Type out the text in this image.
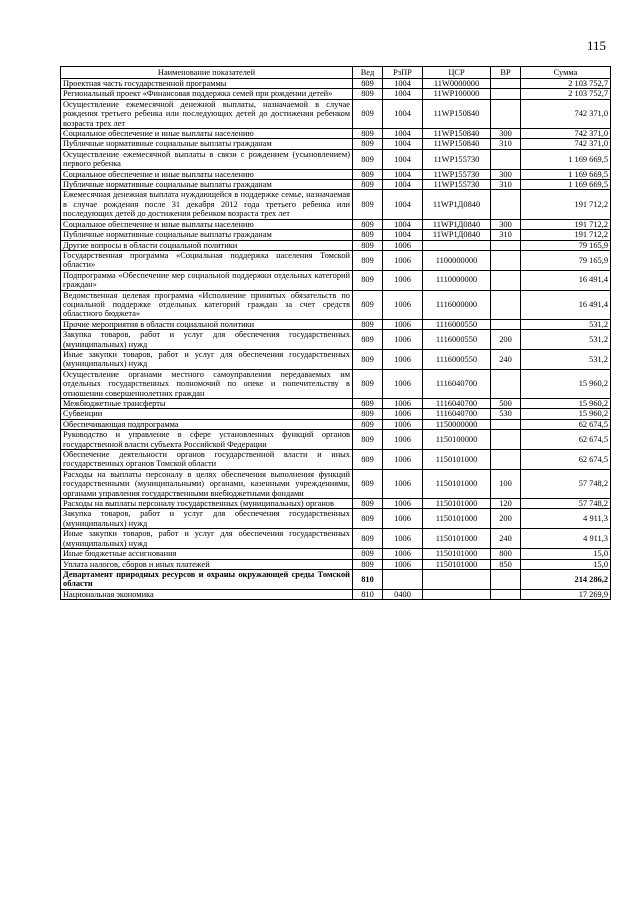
115
Наименование показателей	Вед	РзПР	ЦСР	ВР	Сумма
Проектная часть государственной программы	809	1004	11W0000000		2 103 752,7
Региональный проект «Финансовая поддержка семей при рождении детей»	809	1004	11WP100000		2 103 752,7
Осуществление ежемесячной денежной выплаты, назначаемой в случае рождения третьего ребенка или последующих детей до достижения ребенком возраста трех лет	809	1004	11WP150840		742 371,0
Социальное обеспечение и иные выплаты населению	809	1004	11WP150840	300	742 371,0
Публичные нормативные социальные выплаты гражданам	809	1004	11WP150840	310	742 371,0
Осуществление ежемесячной выплаты в связи с рождением (усыновлением) первого ребенка	809	1004	11WP155730		1 169 669,5
Социальное обеспечение и иные выплаты населению	809	1004	11WP155730	300	1 169 669,5
Публичные нормативные социальные выплаты гражданам	809	1004	11WP155730	310	1 169 669,5
Ежемесячная денежная выплата нуждающейся в поддержке семье, назначаемая в случае рождения после 31 декабря 2012 года третьего ребенка или последующих детей до достижения ребенком возраста трех лет	809	1004	11WP1Д0840		191 712,2
Социальное обеспечение и иные выплаты населению	809	1004	11WP1Д0840	300	191 712,2
Публичные нормативные социальные выплаты гражданам	809	1004	11WP1Д0840	310	191 712,2
Другие вопросы в области социальной политики	809	1006			79 165,9
Государственная программа «Социальная поддержка населения Томской области»	809	1006	1100000000		79 165,9
Подпрограмма «Обеспечение мер социальной поддержки отдельных категорий граждан»	809	1006	1110000000		16 491,4
Ведомственная целевая программа «Исполнение принятых обязательств по социальной поддержке отдельных категорий граждан за счет средств областного бюджета»	809	1006	1116000000		16 491,4
Прочие мероприятия в области социальной политики	809	1006	1116000550		531,2
Закупка товаров, работ и услуг для обеспечения государственных (муниципальных) нужд	809	1006	1116000550	200	531,2
Иные закупки товаров, работ и услуг для обеспечения государственных (муниципальных) нужд	809	1006	1116000550	240	531,2
Осуществление органами местного самоуправления передаваемых им отдельных государственных полномочий по опеке и попечительству в отношении совершеннолетних граждан	809	1006	1116040700		15 960,2
Межбюджетные трансферты	809	1006	1116040700	500	15 960,2
Субвенции	809	1006	1116040700	530	15 960,2
Обеспечивающая подпрограмма	809	1006	1150000000		62 674,5
Руководство и управление в сфере установленных функций органов государственной власти субъекта Российской Федерации	809	1006	1150100000		62 674,5
Обеспечение деятельности органов государственной власти и иных государственных органов Томской области	809	1006	1150101000		62 674,5
Расходы на выплаты персоналу в целях обеспечения выполнения функций государственными (муниципальными) органами, казенными учреждениями, органами управления государственными внебюджетными фондами	809	1006	1150101000	100	57 748,2
Расходы на выплаты персоналу государственных (муниципальных) органов	809	1006	1150101000	120	57 748,2
Закупка товаров, работ и услуг для обеспечения государственных (муниципальных) нужд	809	1006	1150101000	200	4 911,3
Иные закупки товаров, работ и услуг для обеспечения государственных (муниципальных) нужд	809	1006	1150101000	240	4 911,3
Иные бюджетные ассигнования	809	1006	1150101000	800	15,0
Уплата налогов, сборов и иных платежей	809	1006	1150101000	850	15,0
Департамент природных ресурсов и охраны окружающей среды Томской области	810				214 286,2
Национальная экономика	810	0400			17 269,9
